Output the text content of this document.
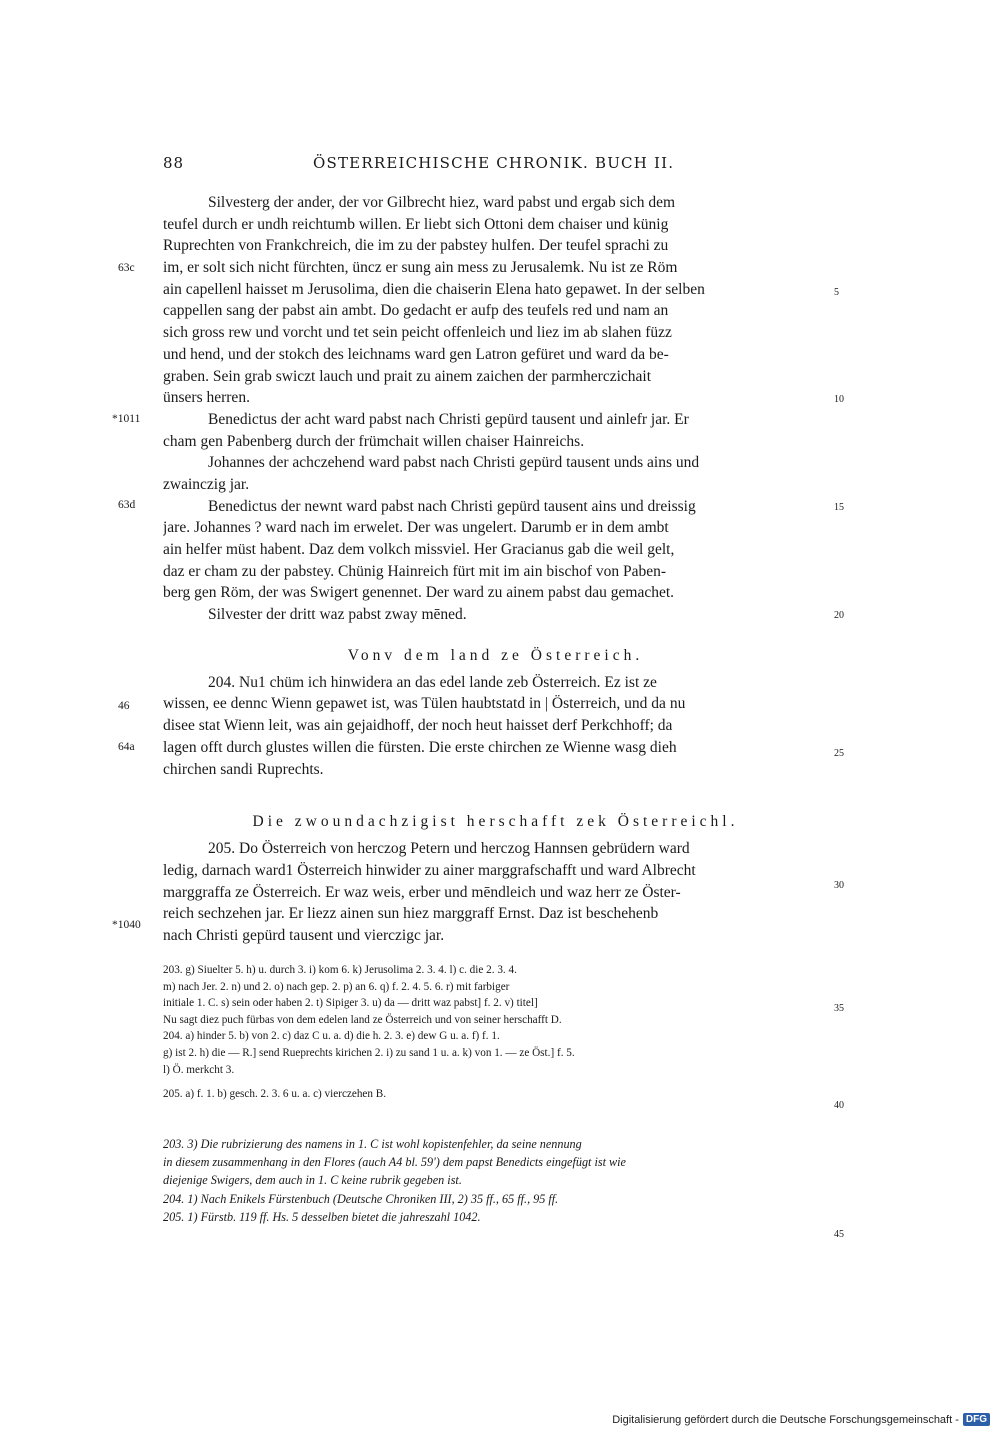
88	ÖSTERREICHISCHE CHRONIK. BUCH II.
Silvesterg der ander, der vor Gilbrecht hiez, ward pabst und ergab sich dem
teufel durch er undh reichtumb willen. Er liebt sich Ottoni dem chaiser und künig
Ruprechten von Frankchreich, die im zu der pabstey hulfen. Der teufel sprachi zu
im, er solt sich nicht fürchten, üncz er sung ain mess zu Jerusalemk. Nu ist ze Röm
ain capellenl haisset m Jerusolima, dien die chaiserin Elena hato gepawet. In der selben
cappellen sang der pabst ain ambt. Do gedacht er aufp des teufels red und nam an
sich gross rew und vorcht und tet sein peicht offenleich und liez im ab slahen füzz
und hend, und der stokch des leichnams ward gen Latron gefüret und ward da be-
graben. Sein grab swiczt lauch und prait zu ainem zaichen der parmherczichait
ünsers herren.
Benedictus der acht ward pabst nach Christi gepürd tausent und ainlefr jar. Er
cham gen Pabenberg durch der frümchait willen chaiser Hainreichs.
Johannes der achczehend ward pabst nach Christi gepürd tausent unds ains und
zwainczig jar.
Benedictus der newnt ward pabst nach Christi gepürd tausent ains und dreissig
jare. Johannes ? ward nach im erwelet. Der was ungelert. Darumb er in dem ambt
ain helfer müst habent. Daz dem volkch missviel. Her Gracianus gab die weil gelt,
daz er cham zu der pabstey. Chünig Hainreich fürt mit im ain bischof von Paben-
berg gen Röm, der was Swigert genennet. Der ward zu ainem pabst dau gemachet.
Silvester der dritt waz pabst zway mēned.
Vonv dem land ze Österreich.
204. Nu1 chüm ich hinwidera an das edel lande zeb Österreich. Ez ist ze
wissen, ee dennc Wienn gepawet ist, was Tülen haubtstatd in | Österreich, und da nu
disee stat Wienn leit, was ain gejaidhoff, der noch heut haisset derf Perkchhoff; da
lagen offt durch glustes willen die fürsten. Die erste chirchen ze Wienne wasg dieh
chirchen sandi Ruprechts.
Die zwoundachzigist herschafft zek Österreichl.
205. Do Österreich von herczog Petern und herczog Hannsen gebrüdern ward
ledig, darnach ward1 Österreich hinwider zu ainer marggrafschafft und ward Albrecht
marggraffa ze Österreich. Er waz weis, erber und mēndleich und waz herr ze Öster-
reich sechzehen jar. Er liezz ainen sun hiez marggraff Ernst. Daz ist beschehenb
nach Christi gepürd tausent und vierczigc jar.
63c
*1011
63d
46
64a
*1040
5
10
15
20
25
30
35
40
45
203. g) Siuelter 5. h) u. durch 3. i) kom 6. k) Jerusolima 2. 3. 4. l) c. die 2. 3. 4.
m) nach Jer. 2. n) und 2. o) nach gep. 2. p) an 6. q) f. 2. 4. 5. 6. r) mit farbiger
initiale 1. C. s) sein oder haben 2. t) Sipiger 3. u) da — dritt waz pabst] f. 2. v) titel]
Nu sagt diez puch fürbas von dem edelen land ze Österreich und von seiner herschafft D.
204. a) hinder 5. b) von 2. c) daz C u. a. d) die h. 2. 3. e) dew G u. a. f) f. 1.
g) ist 2. h) die — R.] send Rueprechts kirichen 2. i) zu sand 1 u. a. k) von 1. — ze Öst.] f. 5.
l) Ö. merkcht 3.
205. a) f. 1. b) gesch. 2. 3. 6 u. a. c) vierczehen B.
203. 3) Die rubrizierung des namens in 1. C ist wohl kopistenfehler, da seine nennung
in diesem zusammenhang in den Flores (auch A4 bl. 59') dem papst Benedicts eingefügt ist wie
diejenige Swigers, dem auch in 1. C keine rubrik gegeben ist.
204. 1) Nach Enikels Fürstenbuch (Deutsche Chroniken III, 2) 35 ff., 65 ff., 95 ff.
205. 1) Fürstb. 119 ff. Hs. 5 desselben bietet die jahreszahl 1042.
Digitalisierung gefördert durch die Deutsche Forschungsgemeinschaft - DFG
